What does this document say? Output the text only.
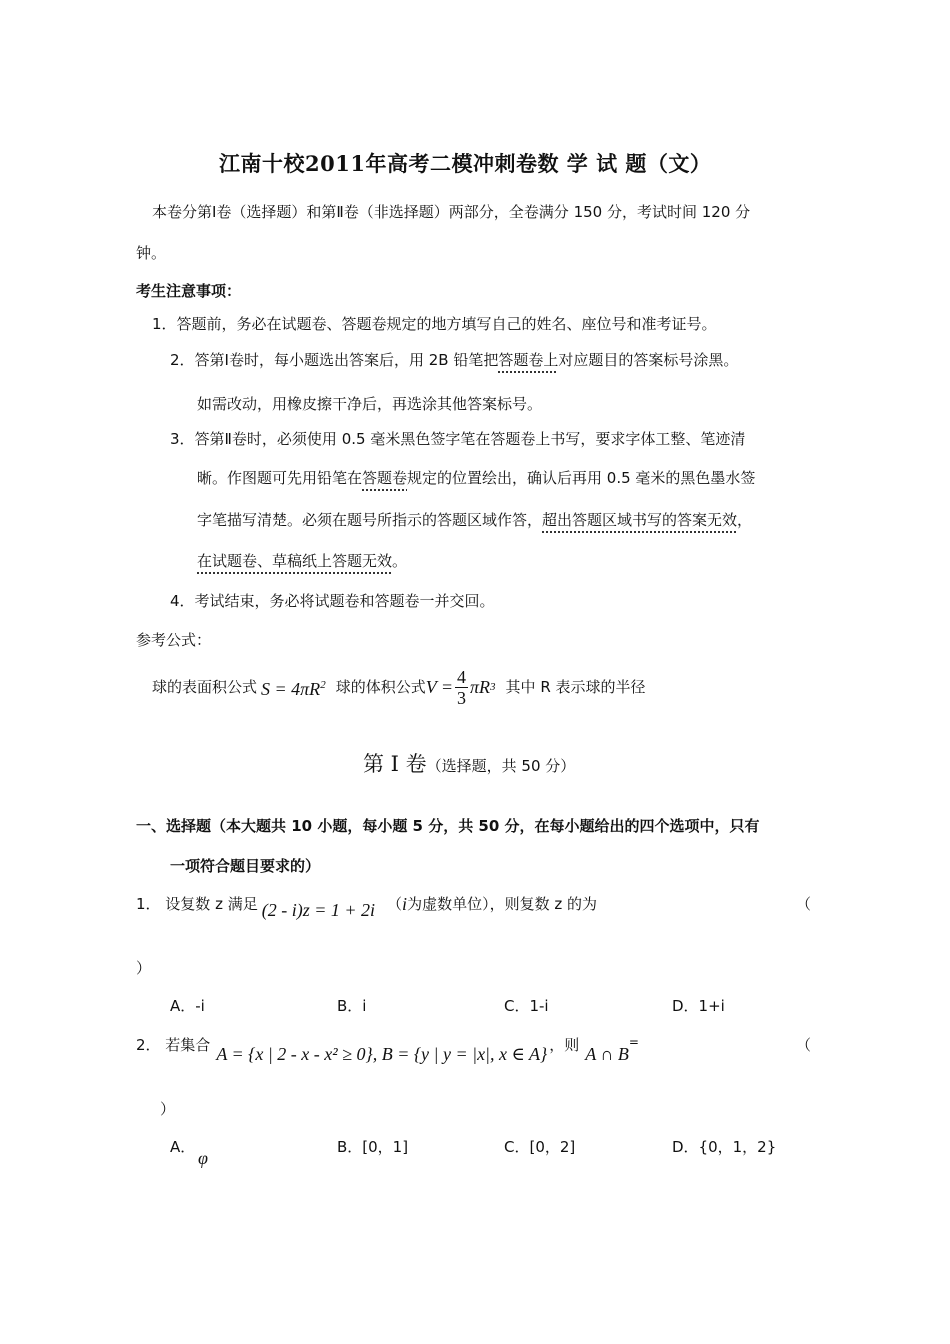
江南十校2011年高考二模冲刺卷数 学 试 题（文）
本卷分第Ⅰ卷（选择题）和第Ⅱ卷（非选择题）两部分，全卷满分 150 分，考试时间 120 分
钟。
考生注意事项：
1．答题前，务必在试题卷、答题卷规定的地方填写自己的姓名、座位号和准考证号。
2．答第Ⅰ卷时，每小题选出答案后，用 2B 铅笔把答题卷上对应题目的答案标号涂黑。
如需改动，用橡皮擦干净后，再选涂其他答案标号。
3．答第Ⅱ卷时，必须使用 0.5 毫米黑色签字笔在答题卷上书写，要求字体工整、笔迹清
晰。作图题可先用铅笔在答题卷规定的位置绘出，确认后再用 0.5 毫米的黑色墨水签
字笔描写清楚。必须在题号所指示的答题区域作答，超出答题区域书写的答案无效，
在试题卷、草稿纸上答题无效。
4．考试结束，务必将试题卷和答题卷一并交回。
参考公式：
球的表面积公式 $S = 4\pi R^2$ 球的体积公式 $V = \frac{4}{3}$ πR 3 其中 R 表示球的半径
第 Ⅰ 卷 （选择题，共 50 分）
一、选择题（本大题共 10 小题，每小题 5 分，共 50 分，在每小题给出的四个选项中，只有
一项符合题目要求的）
1． 设复数 z 满足 (2 - i)z = 1 + 2i （ i 为虚数单位），则复数 z 的为	（
）
A．-i	B．i	C．1-i	D．1+i
2． 若集合 A = {x | 2 - x - x² ≥ 0}, B = {y | y = |x|, x ∈ A} ，则 A ∩ B
=	（
）
A．
φ
B．[0，1]	C．[0，2]	D．{0，1，2}
